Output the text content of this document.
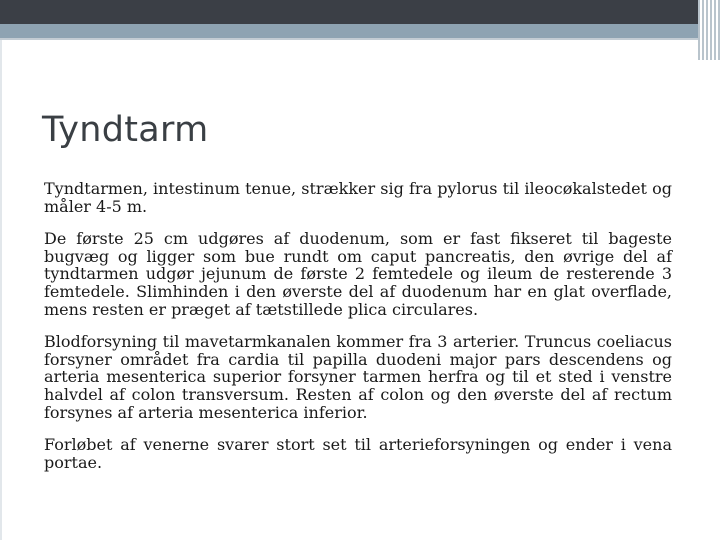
Tyndtarm

Tyndtarmen, intestinum tenue, strækker sig fra pylorus til ileocøkalstedet og måler 4-5 m.

De første 25 cm udgøres af duodenum, som er fast fikseret til bageste bugvæg og ligger som bue rundt om caput pancreatis, den øvrige del af tyndtarmen udgør jejunum de første 2 femtedele og ileum de resterende 3 femtedele. Slimhinden i den øverste del af duodenum har en glat overflade, mens resten er præget af tætstillede plica circulares.

Blodforsyning til mavetarmkanalen kommer fra 3 arterier. Truncus coeliacus forsyner området fra cardia til papilla duodeni major pars descendens og arteria mesenterica superior forsyner tarmen herfra og til et sted i venstre halvdel af colon transversum. Resten af colon og den øverste del af rectum forsynes af arteria mesenterica inferior.

Forløbet af venerne svarer stort set til arterieforsyningen og ender i vena portae.
